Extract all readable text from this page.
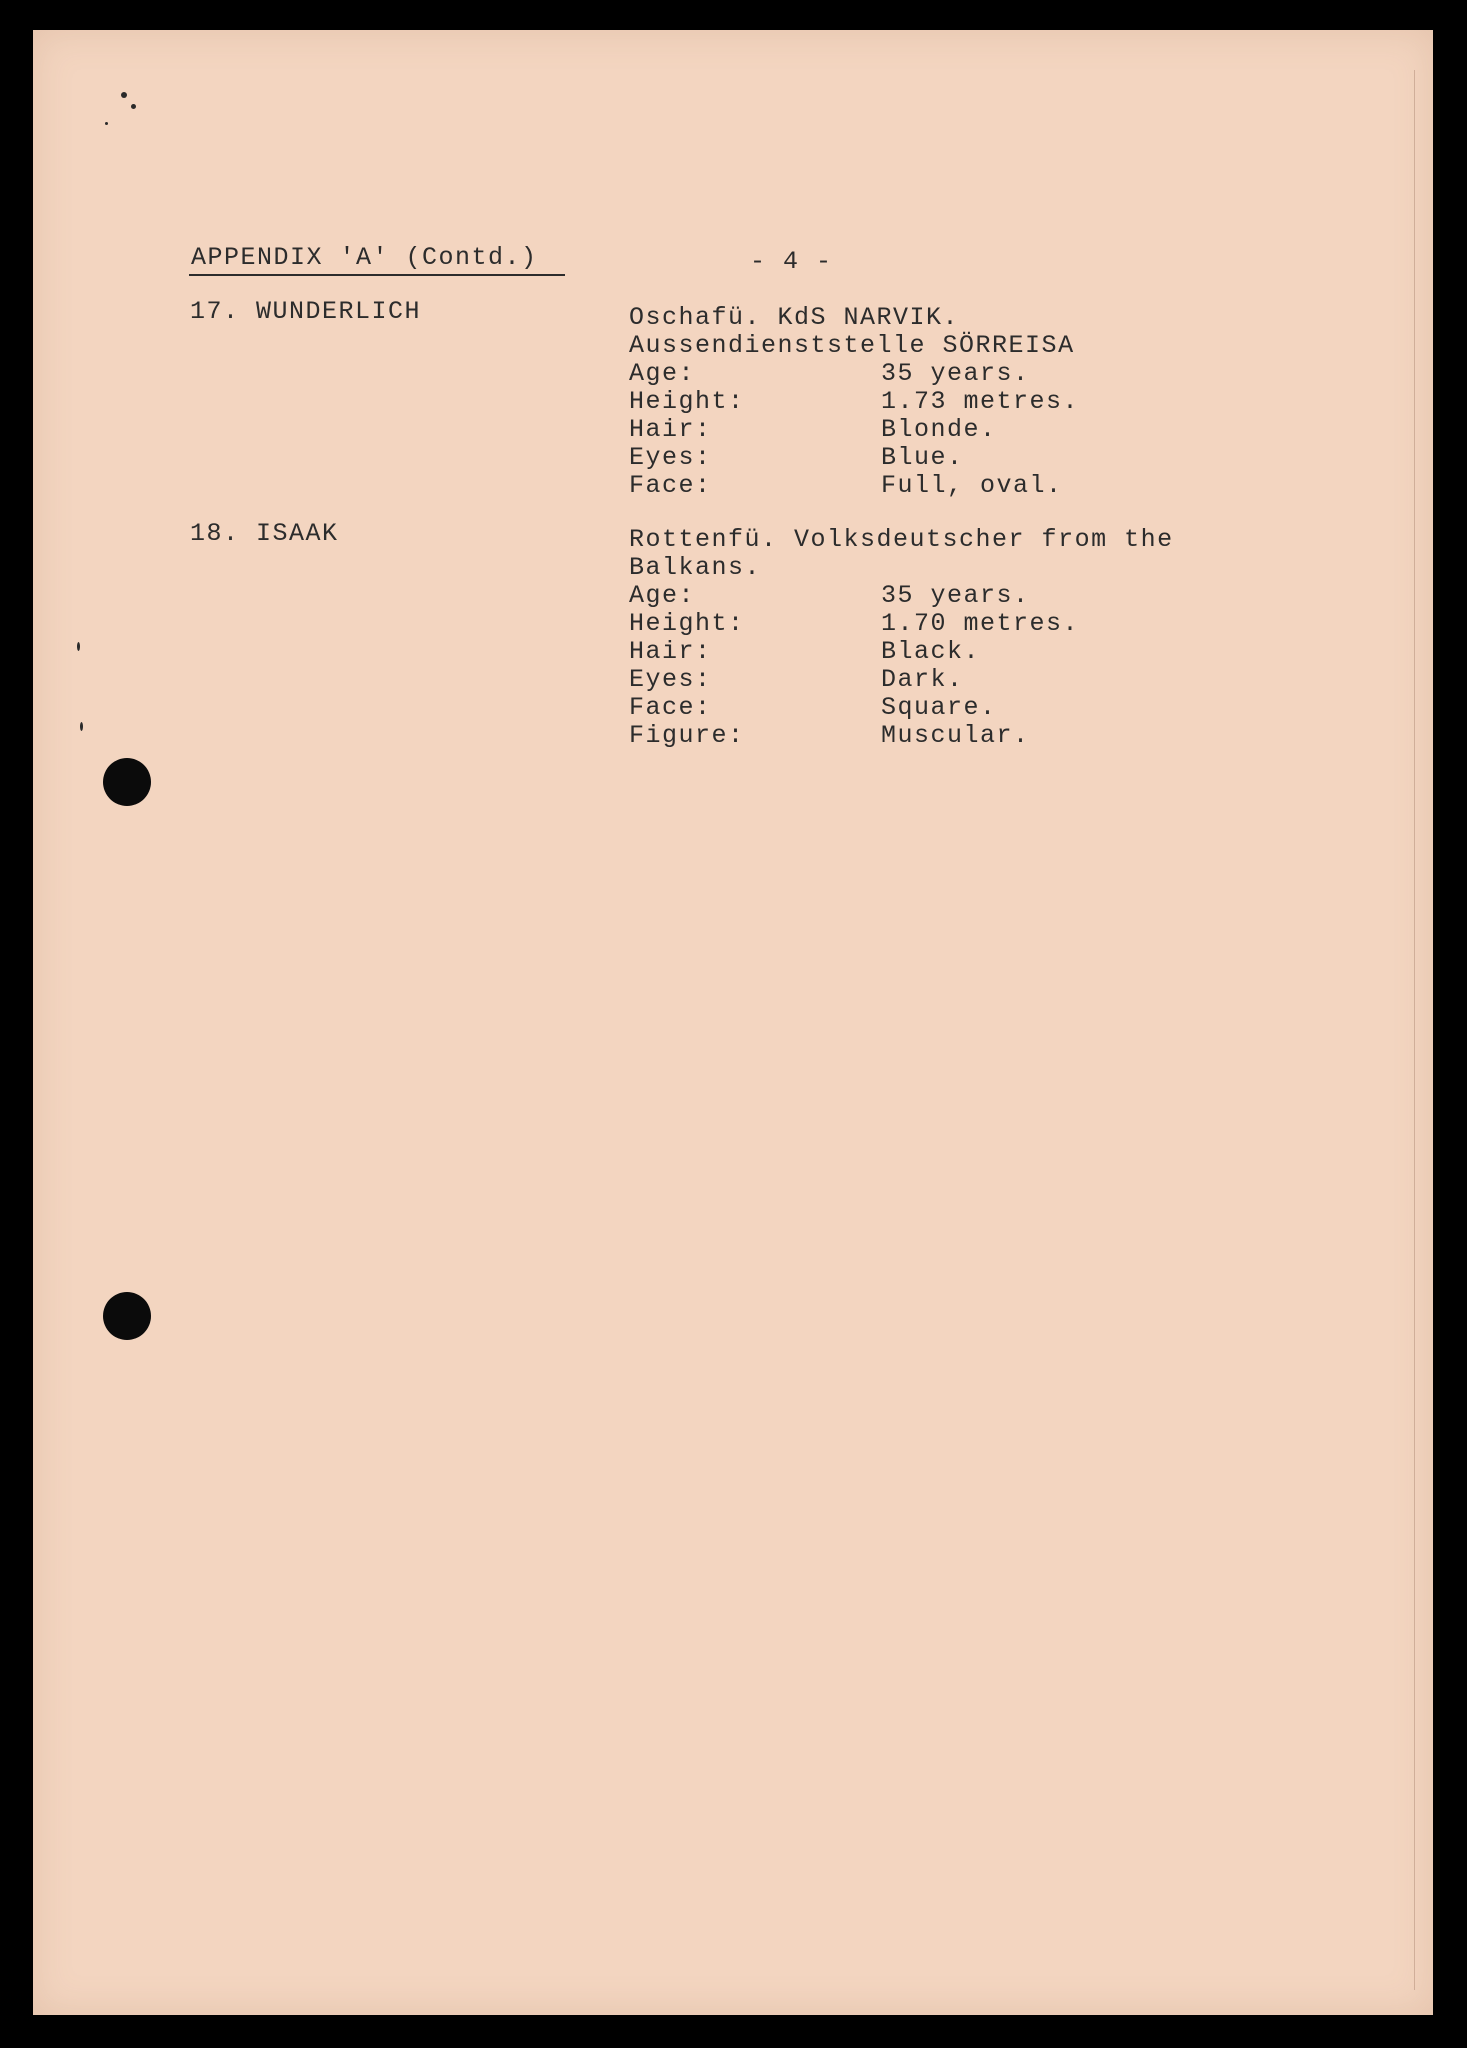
APPENDIX 'A' (Contd.)	- 4 -
17. WUNDERLICH	Oschafü. KdS NARVIK.
Aussendienststelle SÖRREISA
Age:	35 years.
Height:	1.73 metres.
Hair:	Blonde.
Eyes:	Blue.
Face:	Full, oval.
18. ISAAK	Rottenfü. Volksdeutscher from the
Balkans.
Age:	35 years.
Height:	1.70 metres.
Hair:	Black.
Eyes:	Dark.
Face:	Square.
Figure:	Muscular.
